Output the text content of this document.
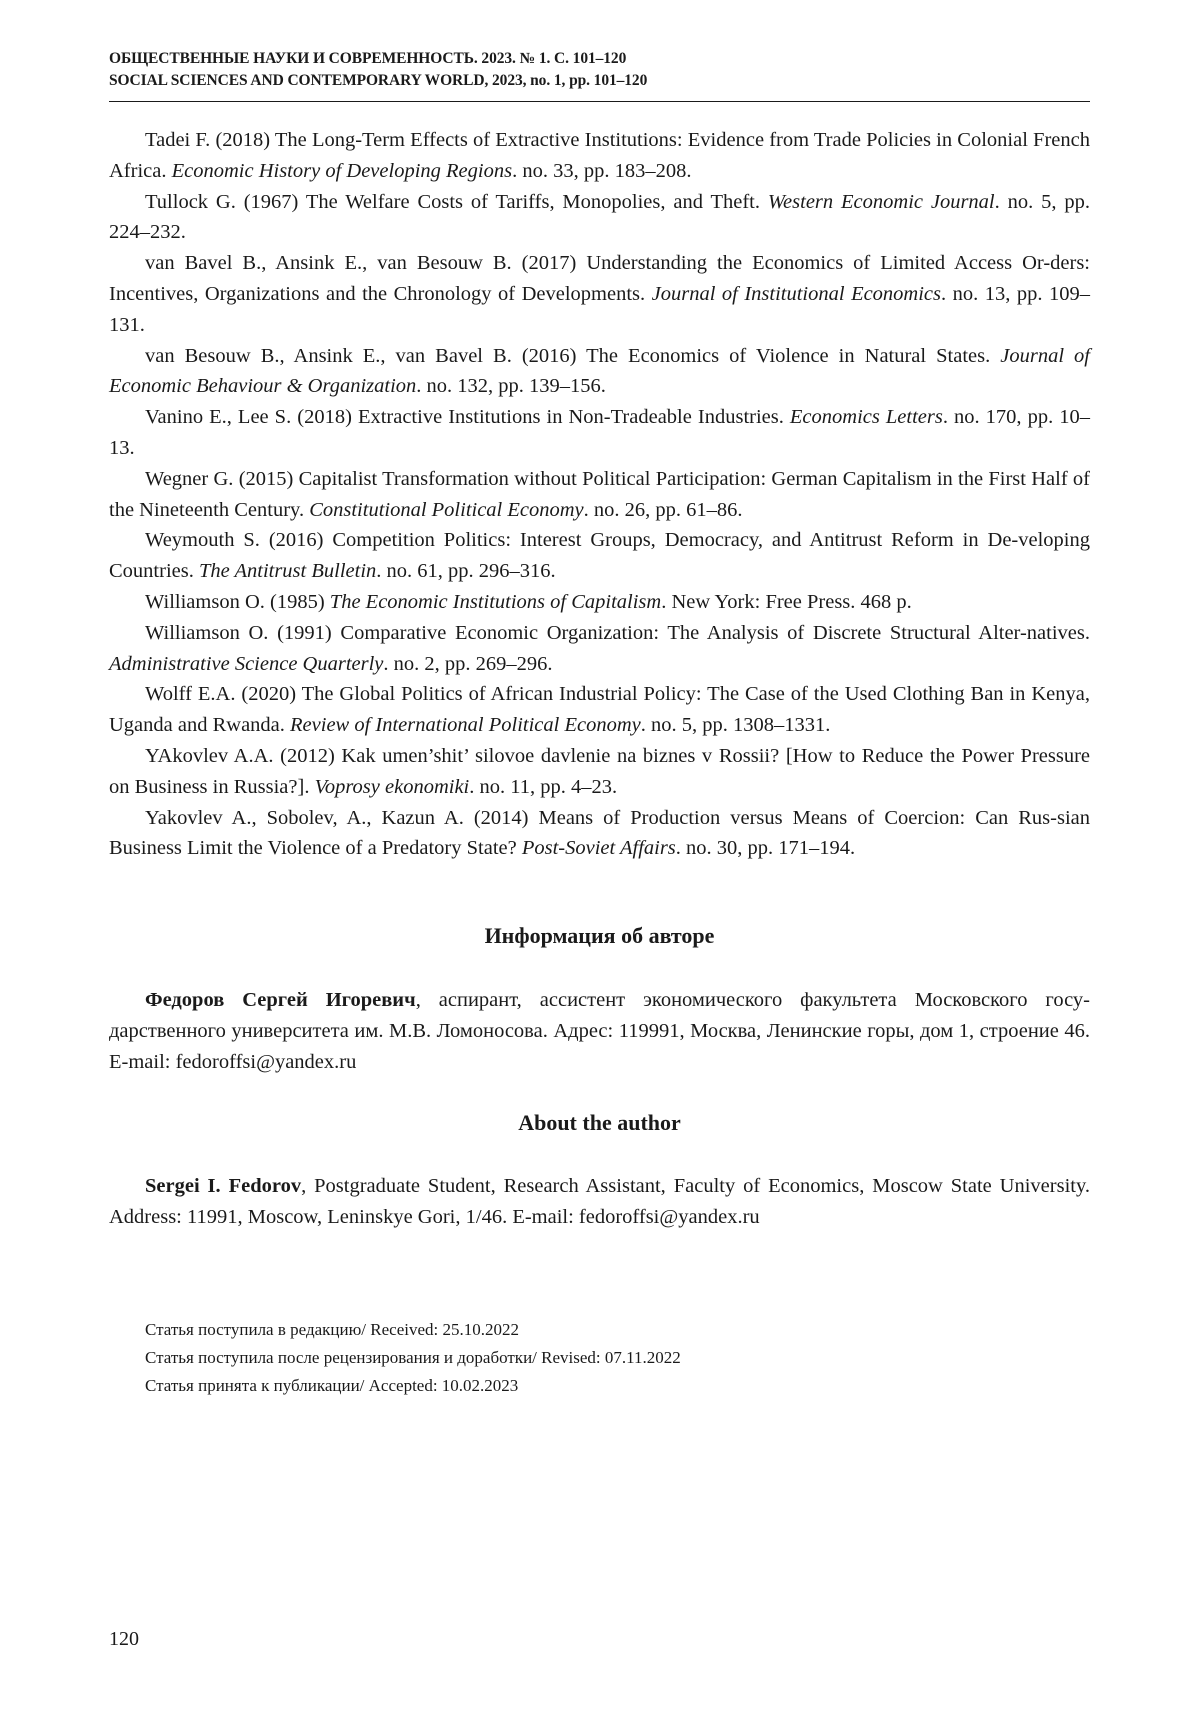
ОБЩЕСТВЕННЫЕ НАУКИ И СОВРЕМЕННОСТЬ. 2023. № 1. С. 101–120
SOCIAL SCIENCES AND CONTEMPORARY WORLD, 2023, no. 1, pp. 101–120

Tadei F. (2018) The Long-Term Effects of Extractive Institutions: Evidence from Trade Policies in Colonial French Africa. Economic History of Developing Regions. no. 33, pp. 183–208.

Tullock G. (1967) The Welfare Costs of Tariffs, Monopolies, and Theft. Western Economic Journal. no. 5, pp. 224–232.

van Bavel B., Ansink E., van Besouw B. (2017) Understanding the Economics of Limited Access Or-ders: Incentives, Organizations and the Chronology of Developments. Journal of Institutional Economics. no. 13, pp. 109–131.

van Besouw B., Ansink E., van Bavel B. (2016) The Economics of Violence in Natural States. Journal of Economic Behaviour & Organization. no. 132, pp. 139–156.

Vanino E., Lee S. (2018) Extractive Institutions in Non-Tradeable Industries. Economics Letters. no. 170, pp. 10–13.

Wegner G. (2015) Capitalist Transformation without Political Participation: German Capitalism in the First Half of the Nineteenth Century. Constitutional Political Economy. no. 26, pp. 61–86.

Weymouth S. (2016) Competition Politics: Interest Groups, Democracy, and Antitrust Reform in De-veloping Countries. The Antitrust Bulletin. no. 61, pp. 296–316.

Williamson O. (1985) The Economic Institutions of Capitalism. New York: Free Press. 468 p.

Williamson O. (1991) Comparative Economic Organization: The Analysis of Discrete Structural Alter-natives. Administrative Science Quarterly. no. 2, pp. 269–296.

Wolff E.A. (2020) The Global Politics of African Industrial Policy: The Case of the Used Clothing Ban in Kenya, Uganda and Rwanda. Review of International Political Economy. no. 5, pp. 1308–1331.

YAkovlev A.A. (2012) Kak umen’shit’ silovoe davlenie na biznes v Rossii? [How to Reduce the Power Pressure on Business in Russia?]. Voprosy ekonomiki. no. 11, pp. 4–23.

Yakovlev A., Sobolev, A., Kazun A. (2014) Means of Production versus Means of Coercion: Can Rus-sian Business Limit the Violence of a Predatory State? Post-Soviet Affairs. no. 30, pp. 171–194.

Информация об авторе

Федоров Сергей Игоревич, аспирант, ассистент экономического факультета Московского госу-дарственного университета им. М.В. Ломоносова. Адрес: 119991, Москва, Ленинские горы, дом 1, строение 46. E-mail: fedoroffsi@yandex.ru

About the author

Sergei I. Fedorov, Postgraduate Student, Research Assistant, Faculty of Economics, Moscow State University. Address: 11991, Moscow, Leninskye Gori, 1/46. E-mail: fedoroffsi@yandex.ru

Статья поступила в редакцию/ Received: 25.10.2022
Статья поступила после рецензирования и доработки/ Revised: 07.11.2022
Статья принята к публикации/ Accepted: 10.02.2023
120
